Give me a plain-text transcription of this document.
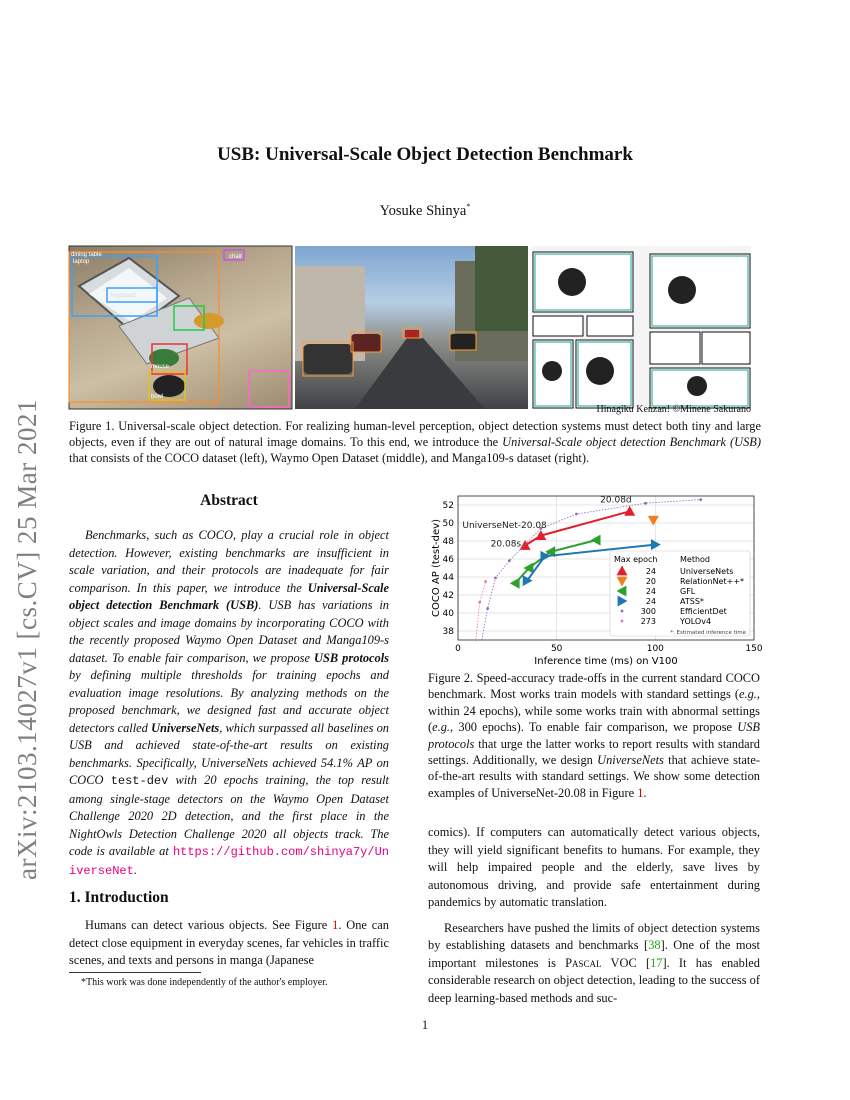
arXiv:2103.14027v1 [cs.CV] 25 Mar 2021
USB: Universal-Scale Object Detection Benchmark
Yosuke Shinya*
keyboard
mouse
laptop
chair
bowl
dining table
Hinagiku Kenzan! ©Minene Sakurano
Figure 1. Universal-scale object detection. For realizing human-level perception, object detection systems must detect both tiny and large objects, even if they are out of natural image domains. To this end, we introduce the Universal-Scale object detection Benchmark (USB) that consists of the COCO dataset (left), Waymo Open Dataset (middle), and Manga109-s dataset (right).
Abstract

Benchmarks, such as COCO, play a crucial role in object detection. However, existing benchmarks are insufficient in scale variation, and their protocols are inadequate for fair comparison. In this paper, we introduce the Universal-Scale object detection Benchmark (USB). USB has variations in object scales and image domains by incorporating COCO with the recently proposed Waymo Open Dataset and Manga109-s dataset. To enable fair comparison, we propose USB protocols by defining multiple thresholds for training epochs and evaluation image resolutions. By analyzing methods on the proposed benchmark, we designed fast and accurate object detectors called UniverseNets, which surpassed all baselines on USB and achieved state-of-the-art results on existing benchmarks. Specifically, UniverseNets achieved 54.1% AP on COCO test-dev with 20 epochs training, the top result among single-stage detectors on the Waymo Open Dataset Challenge 2020 2D detection, and the first place in the NightOwls Detection Challenge 2020 all objects track. The code is available at https://github.com/shinya7y/UniverseNet.

1. Introduction

Humans can detect various objects. See Figure 1. One can detect close equipment in everyday scenes, far vehicles in traffic scenes, and texts and persons in manga (Japanese

*This work was done independently of the author's employer.
0	50	100	150
38
40
42
44
46
48
50
52
20.08d
UniverseNet-20.08
20.08s
Max epoch	Method
24	UniverseNets
20	RelationNet++*
24	GFL
24	ATSS*
300	EfficientDet
273	YOLOv4
*: Estimated inference time
Inference time (ms) on V100
COCO AP (test-dev)
Figure 2. Speed-accuracy trade-offs in the current standard COCO benchmark. Most works train models with standard settings (e.g., within 24 epochs), while some works train with abnormal settings (e.g., 300 epochs). To enable fair comparison, we propose USB protocols that urge the latter works to report results with standard settings. Additionally, we design UniverseNets that achieve state-of-the-art results with standard settings. We show some detection examples of UniverseNet-20.08 in Figure 1.

comics). If computers can automatically detect various objects, they will yield significant benefits to humans. For example, they will help impaired people and the elderly, save lives by autonomous driving, and provide safe entertainment during pandemics by automatic translation.

Researchers have pushed the limits of object detection systems by establishing datasets and benchmarks [38]. One of the most important milestones is Pascal VOC [17]. It has enabled considerable research on object detection, leading to the success of deep learning-based methods and suc-

1
